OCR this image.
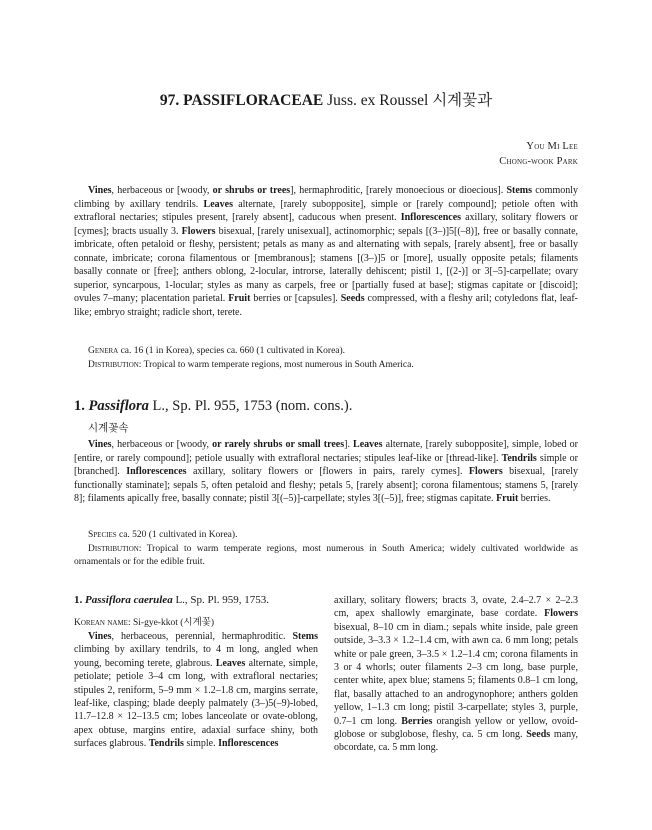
97. PASSIFLORACEAE Juss. ex Roussel 시계꽃과
You Mi Lee
Chong-wook Park

Vines, herbaceous or [woody, or shrubs or trees], hermaphroditic, [rarely monoecious or dioecious]. Stems commonly climbing by axillary tendrils. Leaves alternate, [rarely subopposite], simple or [rarely compound]; petiole often with extrafloral nectaries; stipules present, [rarely absent], caducous when present. Inflorescences axillary, solitary flowers or [cymes]; bracts usually 3. Flowers bisexual, [rarely unisexual], actinomorphic; sepals [(3–)]5[(–8)], free or basally connate, imbricate, often petaloid or fleshy, persistent; petals as many as and alternating with sepals, [rarely absent], free or basally connate, imbricate; corona filamentous or [membranous]; stamens [(3–)]5 or [more], usually opposite petals; filaments basally connate or [free]; anthers oblong, 2-locular, introrse, laterally dehiscent; pistil 1, [(2-)] or 3[–5]-carpellate; ovary superior, syncarpous, 1-locular; styles as many as carpels, free or [partially fused at base]; stigmas capitate or [discoid]; ovules 7–many; placentation parietal. Fruit berries or [capsules]. Seeds compressed, with a fleshy aril; cotyledons flat, leaf-like; embryo straight; radicle short, terete.

Genera ca. 16 (1 in Korea), species ca. 660 (1 cultivated in Korea).

Distribution: Tropical to warm temperate regions, most numerous in South America.

1. Passiflora L., Sp. Pl. 955, 1753 (nom. cons.).
시계꽃속

Vines, herbaceous or [woody, or rarely shrubs or small trees]. Leaves alternate, [rarely subopposite], simple, lobed or [entire, or rarely compound]; petiole usually with extrafloral nectaries; stipules leaf-like or [thread-like]. Tendrils simple or [branched]. Inflorescences axillary, solitary flowers or [flowers in pairs, rarely cymes]. Flowers bisexual, [rarely functionally staminate]; sepals 5, often petaloid and fleshy; petals 5, [rarely absent]; corona filamentous; stamens 5, [rarely 8]; filaments apically free, basally connate; pistil 3[(–5)]-carpellate; styles 3[(–5)], free; stigmas capitate. Fruit berries.

Species ca. 520 (1 cultivated in Korea).

Distribution: Tropical to warm temperate regions, most numerous in South America; widely cultivated worldwide as ornamentals or for the edible fruit.

1. Passiflora caerulea L., Sp. Pl. 959, 1753.
Korean name: Si-gye-kkot (시계꽃)

Vines, herbaceous, perennial, hermaphroditic. Stems climbing by axillary tendrils, to 4 m long, angled when young, becoming terete, glabrous. Leaves alternate, simple, petiolate; petiole 3–4 cm long, with extrafloral nectaries; stipules 2, reniform, 5–9 mm × 1.2–1.8 cm, margins serrate, leaf-like, clasping; blade deeply palmately (3–)5(–9)-lobed, 11.7–12.8 × 12–13.5 cm; lobes lanceolate or ovate-oblong, apex obtuse, margins entire, adaxial surface shiny, both surfaces glabrous. Tendrils simple. Inflorescences

axillary, solitary flowers; bracts 3, ovate, 2.4–2.7 × 2–2.3 cm, apex shallowly emarginate, base cordate. Flowers bisexual, 8–10 cm in diam.; sepals white inside, pale green outside, 3–3.3 × 1.2–1.4 cm, with awn ca. 6 mm long; petals white or pale green, 3–3.5 × 1.2–1.4 cm; corona filaments in 3 or 4 whorls; outer filaments 2–3 cm long, base purple, center white, apex blue; stamens 5; filaments 0.8–1 cm long, flat, basally attached to an androgynophore; anthers golden yellow, 1–1.3 cm long; pistil 3-carpellate; styles 3, purple, 0.7–1 cm long. Berries orangish yellow or yellow, ovoid-globose or subglobose, fleshy, ca. 5 cm long. Seeds many, obcordate, ca. 5 mm long.
